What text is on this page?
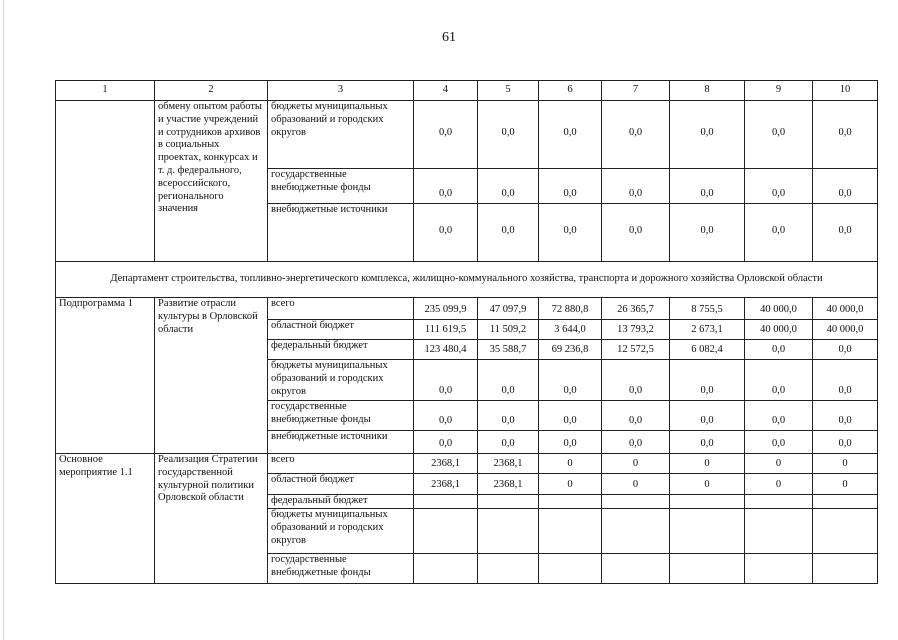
61
1	2	3	4	5	6	7	8	9	10
	обмену опытом работы и участие учреждений и сотрудников архивов в социальных проектах, конкурсах и т. д. федерального, всероссийского, регионального значения	бюджеты муниципальных образований и городских округов	0,0	0,0	0,0	0,0	0,0	0,0	0,0
		государственные внебюджетные фонды	0,0	0,0	0,0	0,0	0,0	0,0	0,0
		внебюджетные источники	0,0	0,0	0,0	0,0	0,0	0,0	0,0
Департамент строительства, топливно-энергетического комплекса, жилищно-коммунального хозяйства, транспорта и дорожного хозяйства Орловской области									
Подпрограмма 1	Развитие отрасли культуры в Орловской области	всего	235 099,9	47 097,9	72 880,8	26 365,7	8 755,5	40 000,0	40 000,0
		областной бюджет	111 619,5	11 509,2	3 644,0	13 793,2	2 673,1	40 000,0	40 000,0
		федеральный бюджет	123 480,4	35 588,7	69 236,8	12 572,5	6 082,4	0,0	0,0
		бюджеты муниципальных образований и городских округов	0,0	0,0	0,0	0,0	0,0	0,0	0,0
		государственные внебюджетные фонды	0,0	0,0	0,0	0,0	0,0	0,0	0,0
		внебюджетные источники	0,0	0,0	0,0	0,0	0,0	0,0	0,0
Основное мероприятие 1.1	Реализация Стратегии государственной культурной политики Орловской области	всего	2368,1	2368,1	0	0	0	0	0
		областной бюджет	2368,1	2368,1	0	0	0	0	0
		федеральный бюджет							
		бюджеты муниципальных образований и городских округов							
		государственные внебюджетные фонды							
